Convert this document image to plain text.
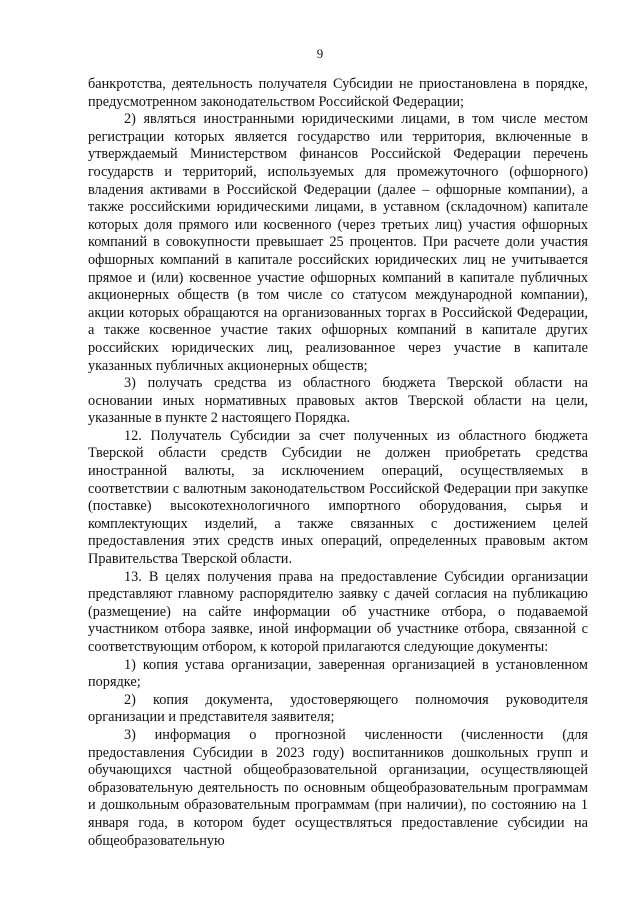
9

банкротства, деятельность получателя Субсидии не приостановлена в порядке, предусмотренном законодательством Российской Федерации;

2) являться иностранными юридическими лицами, в том числе местом регистрации которых является государство или территория, включенные в утверждаемый Министерством финансов Российской Федерации перечень государств и территорий, используемых для промежуточного (офшорного) владения активами в Российской Федерации (далее – офшорные компании), а также российскими юридическими лицами, в уставном (складочном) капитале которых доля прямого или косвенного (через третьих лиц) участия офшорных компаний в совокупности превышает 25 процентов. При расчете доли участия офшорных компаний в капитале российских юридических лиц не учитывается прямое и (или) косвенное участие офшорных компаний в капитале публичных акционерных обществ (в том числе со статусом международной компании), акции которых обращаются на организованных торгах в Российской Федерации, а также косвенное участие таких офшорных компаний в капитале других российских юридических лиц, реализованное через участие в капитале указанных публичных акционерных обществ;

3) получать средства из областного бюджета Тверской области на основании иных нормативных правовых актов Тверской области на цели, указанные в пункте 2 настоящего Порядка.

12. Получатель Субсидии за счет полученных из областного бюджета Тверской области средств Субсидии не должен приобретать средства иностранной валюты, за исключением операций, осуществляемых в соответствии с валютным законодательством Российской Федерации при закупке (поставке) высокотехнологичного импортного оборудования, сырья и комплектующих изделий, а также связанных с достижением целей предоставления этих средств иных операций, определенных правовым актом Правительства Тверской области.

13. В целях получения права на предоставление Субсидии организации представляют главному распорядителю заявку с дачей согласия на публикацию (размещение) на сайте информации об участнике отбора, о подаваемой участником отбора заявке, иной информации об участнике отбора, связанной с соответствующим отбором, к которой прилагаются следующие документы:

1) копия устава организации, заверенная организацией в установленном порядке;

2) копия документа, удостоверяющего полномочия руководителя организации и представителя заявителя;

3) информация о прогнозной численности (численности (для предоставления Субсидии в 2023 году) воспитанников дошкольных групп и обучающихся частной общеобразовательной организации, осуществляющей образовательную деятельность по основным общеобразовательным программам и дошкольным образовательным программам (при наличии), по состоянию на 1 января года, в котором будет осуществляться предоставление субсидии на общеобразовательную
